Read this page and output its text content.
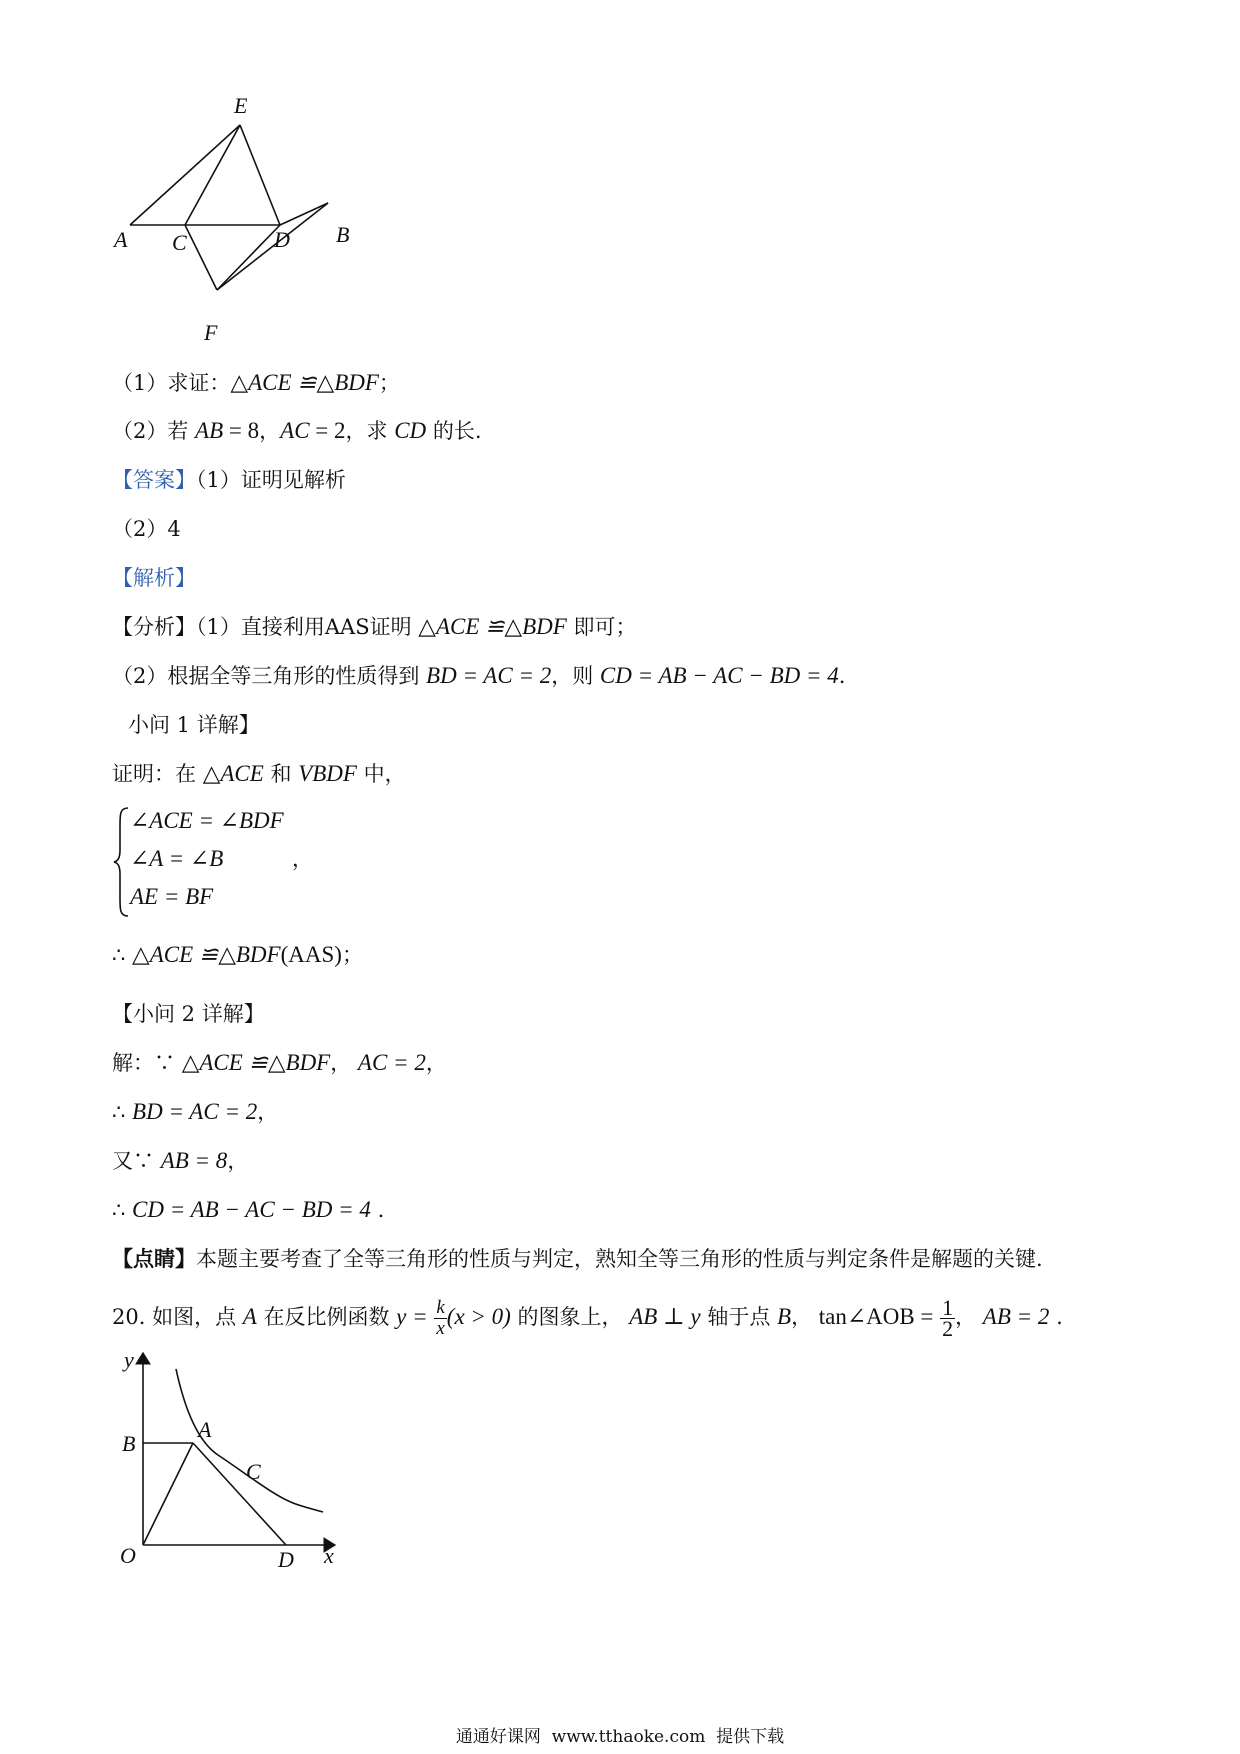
E
A C	D B
F
（1）求证：△ACE ≌△BDF；
（2）若 AB = 8，AC = 2，求 CD 的长.
【答案】（1）证明见解析
（2）4
【解析】
【分析】（1）直接利用AAS证明 △ACE ≌△BDF 即可；
（2）根据全等三角形的性质得到 BD = AC = 2，则 CD = AB − AC − BD = 4.
小问 1 详解】
证明：在 △ACE 和 VBDF 中，
∠ACE = ∠BDF
∠A = ∠B
AE = BF
，
∴ △ACE ≌△BDF(AAS)；
【小问 2 详解】
解：∵ △ACE ≌△BDF， AC = 2，
∴ BD = AC = 2，
又∵ AB = 8，
∴ CD = AB − AC − BD = 4 .
【点睛】本题主要考查了全等三角形的性质与判定，熟知全等三角形的性质与判定条件是解题的关键.
20. 如图，点 A 在反比例函数 $y = \frac{k}{x} (x > 0)$ 的图象上， AB ⊥ y 轴于点 B， tan∠AOB = $\frac{1}{2}$ ， AB = 2 .
y
B
A
C
O	D x
通通好课网  www.tthaoke.com  提供下载
